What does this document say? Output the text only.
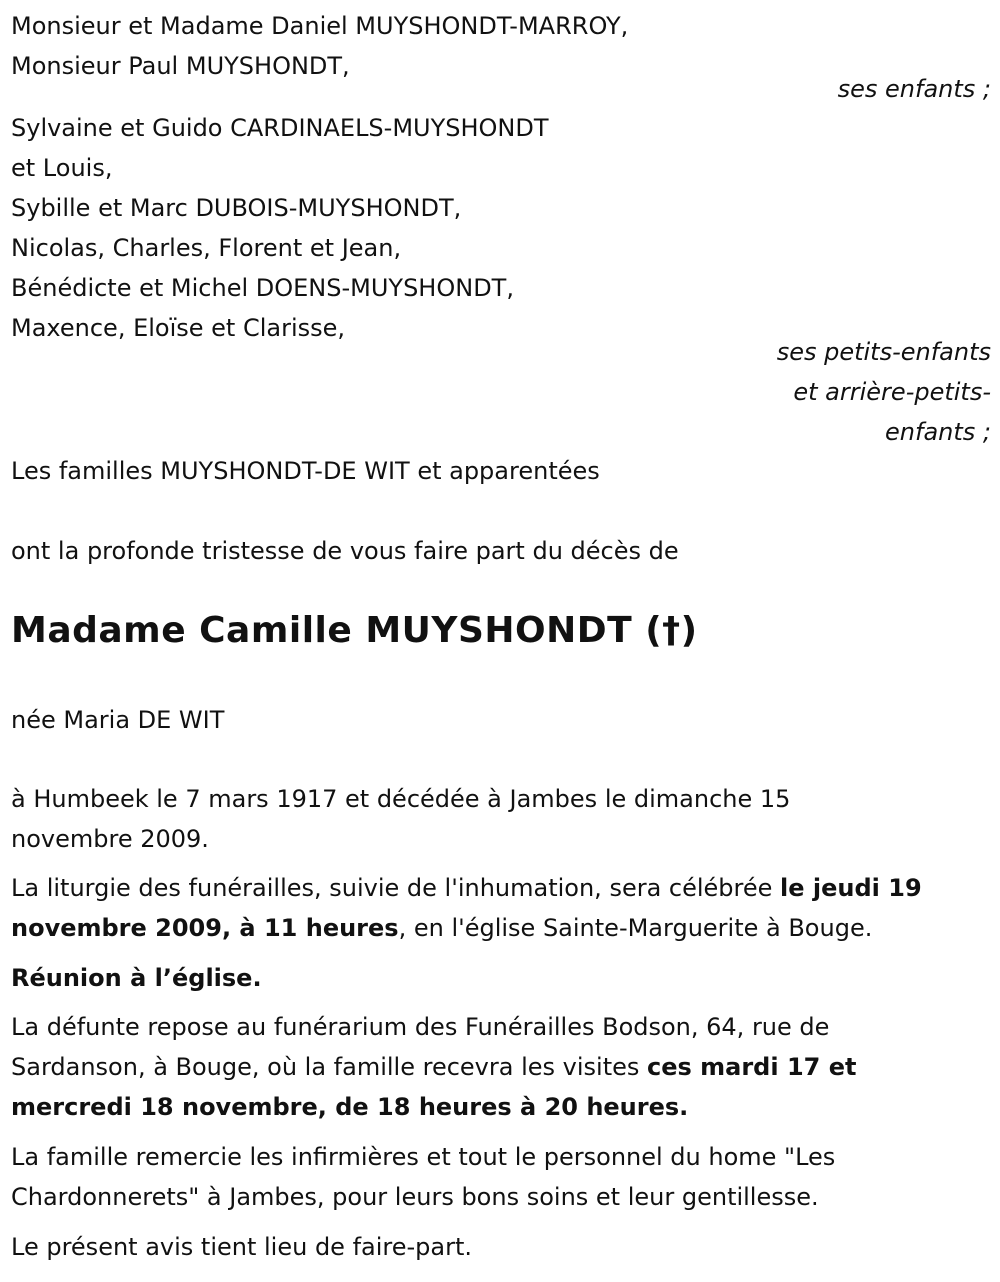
Monsieur et Madame Daniel MUYSHONDT-MARROY,
Monsieur Paul MUYSHONDT,
ses enfants ;
Sylvaine et Guido CARDINAELS-MUYSHONDT
et Louis,
Sybille et Marc DUBOIS-MUYSHONDT,
Nicolas, Charles, Florent et Jean,
Bénédicte et Michel DOENS-MUYSHONDT,
Maxence, Eloïse et Clarisse,
ses petits-enfants
et arrière-petits-
enfants ;
Les familles MUYSHONDT-DE WIT et apparentées
ont la profonde tristesse de vous faire part du décès de
Madame Camille MUYSHONDT (†)
née Maria DE WIT
à Humbeek le 7 mars 1917 et décédée à Jambes le dimanche 15
novembre 2009.
La liturgie des funérailles, suivie de l'inhumation, sera célébrée le jeudi 19
novembre 2009, à 11 heures, en l'église Sainte-Marguerite à Bouge.
Réunion à l’église.
La défunte repose au funérarium des Funérailles Bodson, 64, rue de
Sardanson, à Bouge, où la famille recevra les visites ces mardi 17 et
mercredi 18 novembre, de 18 heures à 20 heures.
La famille remercie les infirmières et tout le personnel du home "Les
Chardonnerets" à Jambes, pour leurs bons soins et leur gentillesse.
Le présent avis tient lieu de faire-part.
